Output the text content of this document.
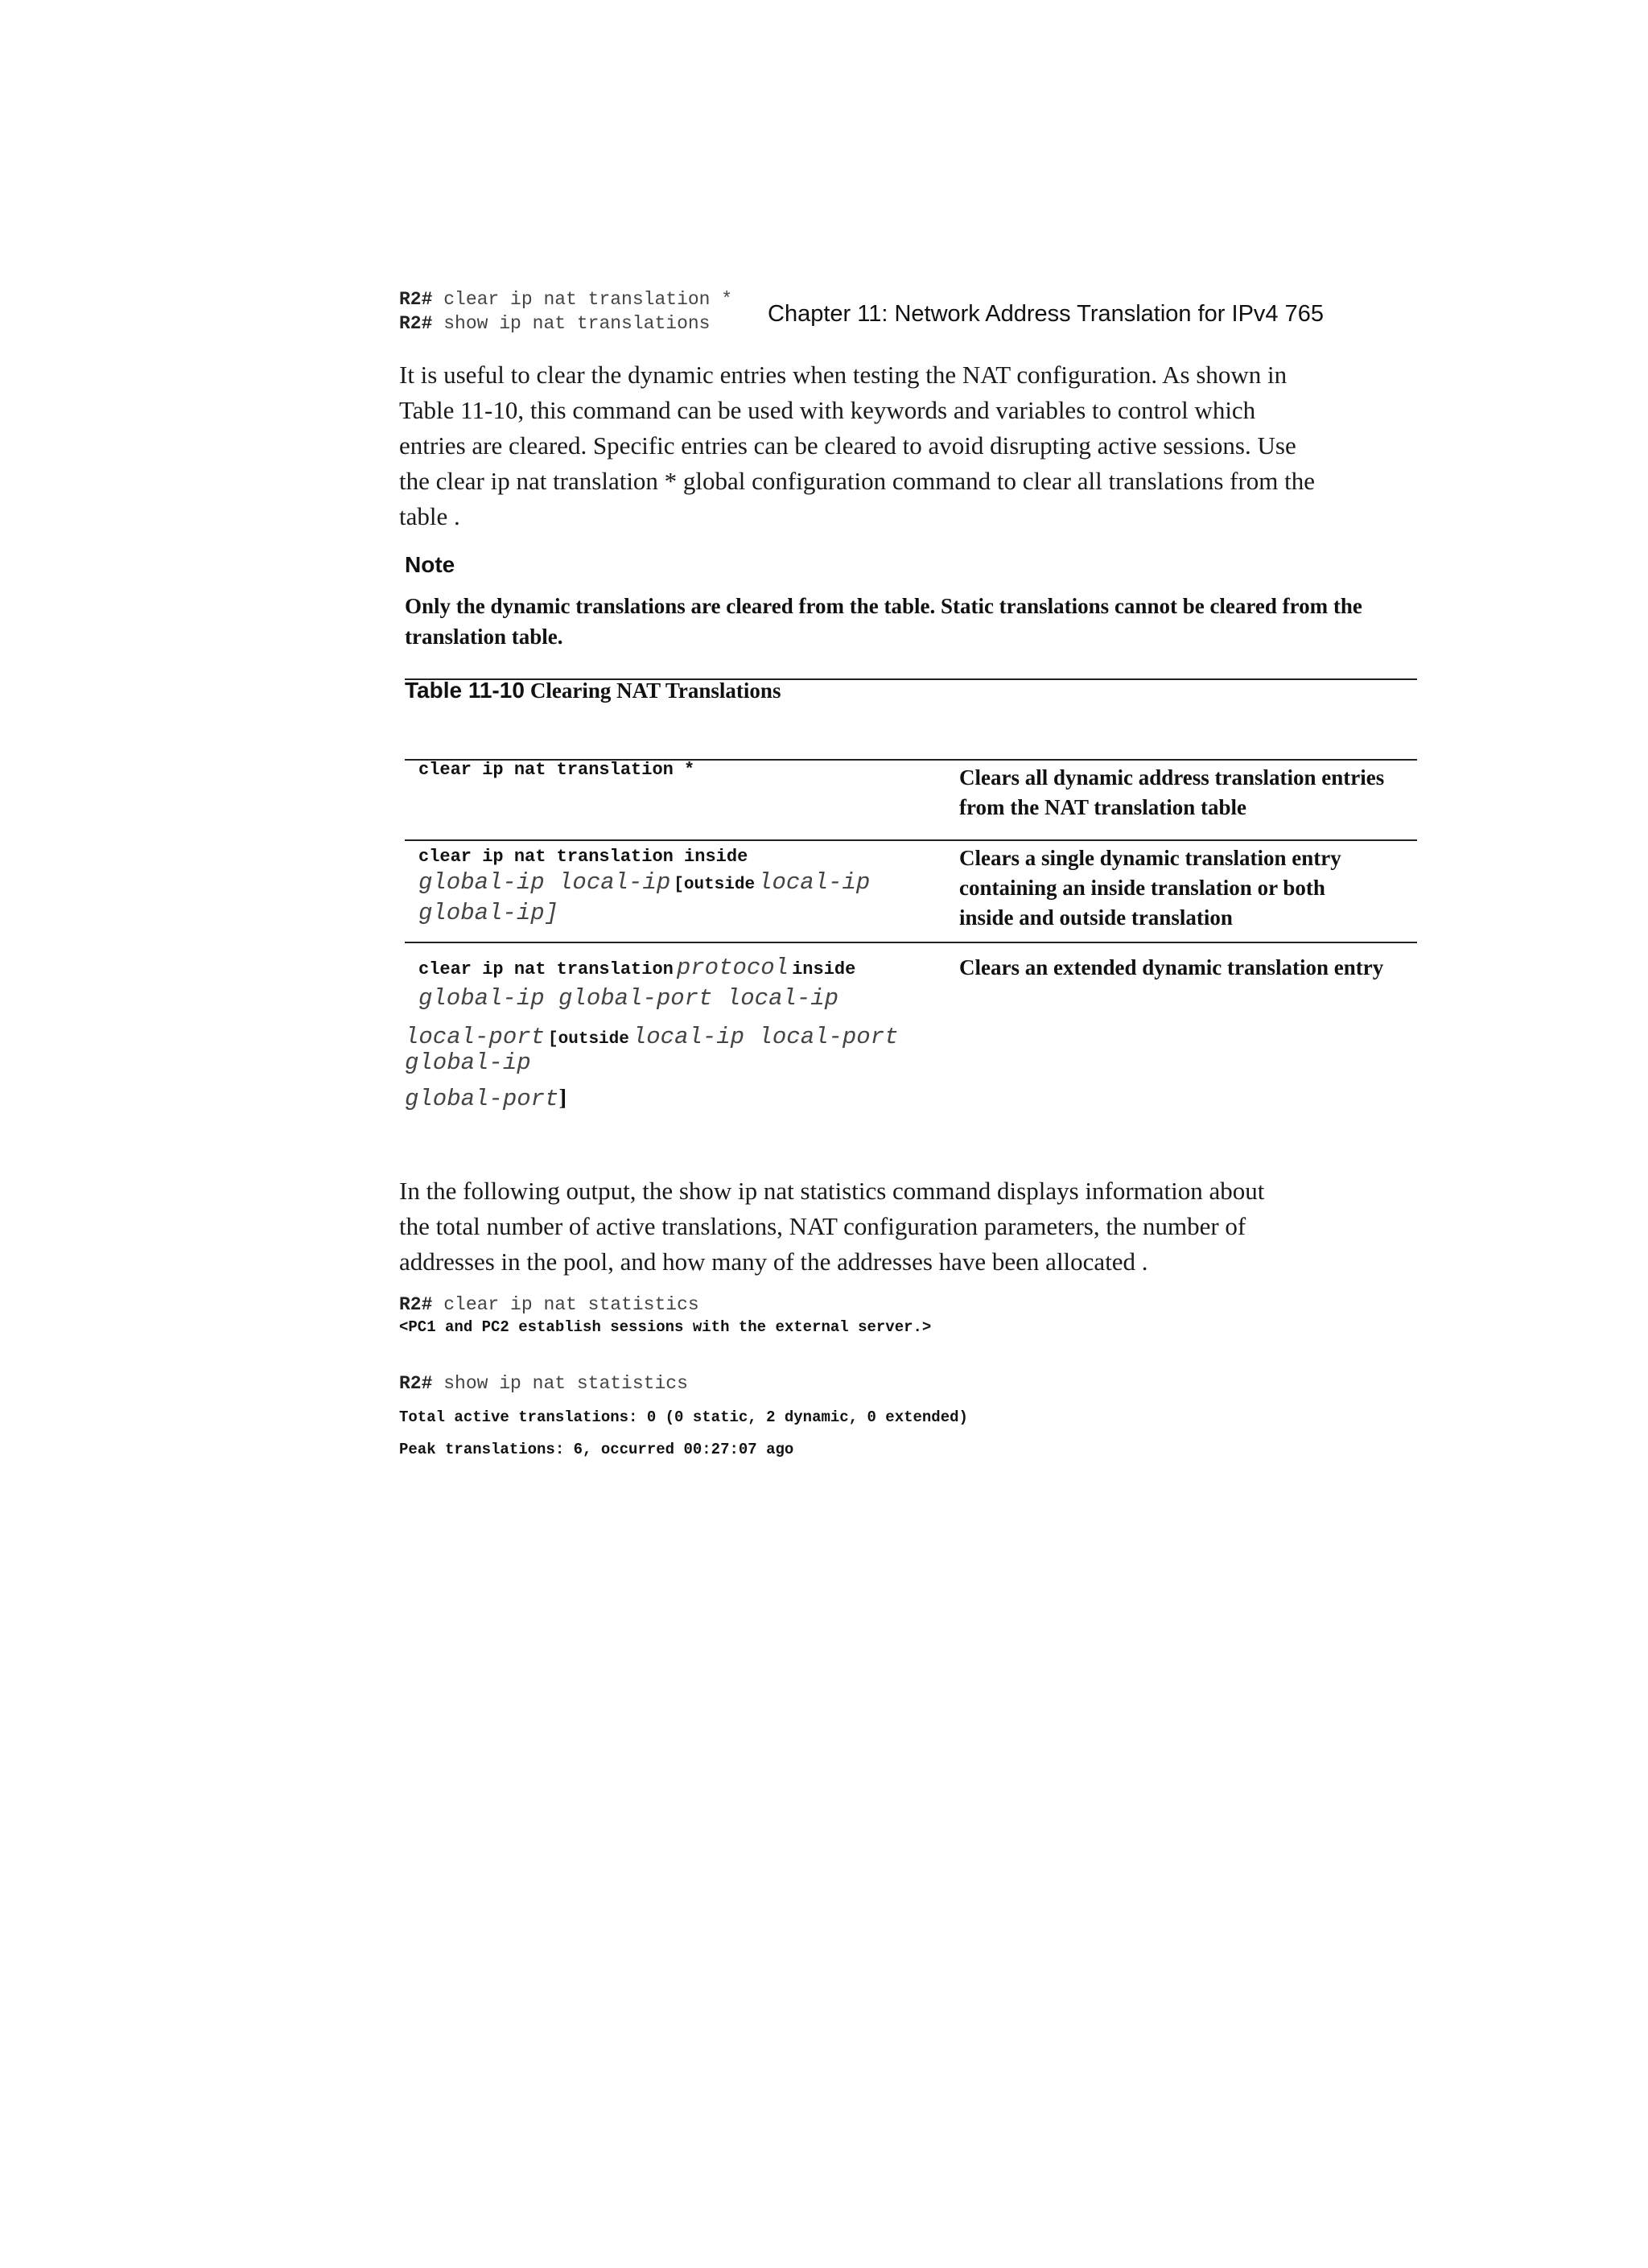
R2# clear ip nat translation *
R2# show ip nat translations Chapter 11: Network Address Translation for IPv4 765
It is useful to clear the dynamic entries when testing the NAT configuration. As shown in
Table 11-10, this command can be used with keywords and variables to control which
entries are cleared. Specific entries can be cleared to avoid disrupting active sessions. Use
the clear ip nat translation * global configuration command to clear all translations from the
table .
Note
Only the dynamic translations are cleared from the table. Static translations cannot be cleared from the
translation table.
Table 11-10 Clearing NAT Translations
clear ip nat translation *	Clears all dynamic address translation entries
from the NAT translation table
clear ip nat translation inside
global-ip local-ip [outside local-ip
global-ip]
Clears a single dynamic translation entry
containing an inside translation or both
inside and outside translation
clear ip nat translation protocol inside
global-ip global-port local-ip
local-port [outside local-ip local-port
global-ip
global-port]
Clears an extended dynamic translation entry
In the following output, the show ip nat statistics command displays information about
the total number of active translations, NAT configuration parameters, the number of
addresses in the pool, and how many of the addresses have been allocated .
R2# clear ip nat statistics
<PC1 and PC2 establish sessions with the external server.>
R2# show ip nat statistics
Total active translations: 0 (0 static, 2 dynamic, 0 extended)
Peak translations: 6, occurred 00:27:07 ago
